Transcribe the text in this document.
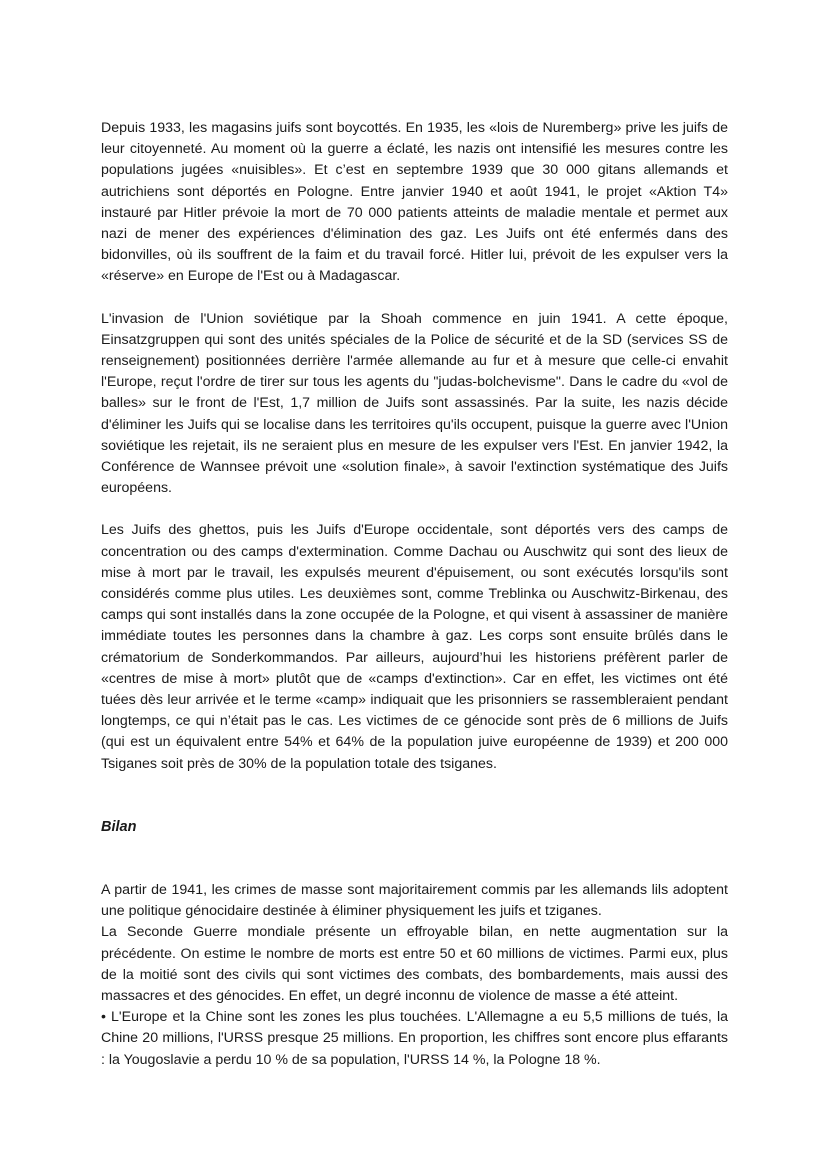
Depuis 1933, les magasins juifs sont boycottés. En 1935, les «lois de Nuremberg» prive les juifs de leur citoyenneté. Au moment où la guerre a éclaté, les nazis ont intensifié les mesures contre les populations jugées «nuisibles». Et c’est en septembre 1939 que 30 000 gitans allemands et autrichiens sont déportés en Pologne. Entre janvier 1940 et août 1941, le projet «Aktion T4» instauré par Hitler prévoie la mort de 70 000 patients atteints de maladie mentale et permet aux nazi de mener des expériences d'élimination des gaz. Les Juifs ont été enfermés dans des bidonvilles, où ils souffrent de la faim et du travail forcé. Hitler lui, prévoit de les expulser vers la «réserve» en Europe de l'Est ou à Madagascar.

L'invasion de l'Union soviétique par la Shoah commence en juin 1941. A cette époque, Einsatzgruppen qui sont des unités spéciales de la Police de sécurité et de la SD (services SS de renseignement) positionnées derrière l'armée allemande au fur et à mesure que celle-ci envahit l'Europe, reçut l'ordre de tirer sur tous les agents du "judas-bolchevisme". Dans le cadre du «vol de balles» sur le front de l'Est, 1,7 million de Juifs sont assassinés. Par la suite, les nazis décide d'éliminer les Juifs qui se localise dans les territoires qu'ils occupent, puisque la guerre avec l'Union soviétique les rejetait, ils ne seraient plus en mesure de les expulser vers l'Est. En janvier 1942, la Conférence de Wannsee prévoit une «solution finale», à savoir l'extinction systématique des Juifs européens.

Les Juifs des ghettos, puis les Juifs d'Europe occidentale, sont déportés vers des camps de concentration ou des camps d'extermination. Comme Dachau ou Auschwitz qui sont des lieux de mise à mort par le travail, les expulsés meurent d'épuisement, ou sont exécutés lorsqu'ils sont considérés comme plus utiles. Les deuxièmes sont, comme Treblinka ou Auschwitz-Birkenau, des camps qui sont installés dans la zone occupée de la Pologne, et qui visent à assassiner de manière immédiate toutes les personnes dans la chambre à gaz. Les corps sont ensuite brûlés dans le crématorium de Sonderkommandos. Par ailleurs, aujourd’hui les historiens préfèrent parler de «centres de mise à mort» plutôt que de «camps d'extinction». Car en effet, les victimes ont été tuées dès leur arrivée et le terme «camp» indiquait que les prisonniers se rassembleraient pendant longtemps, ce qui n’était pas le cas. Les victimes de ce génocide sont près de 6 millions de Juifs (qui est un équivalent entre 54% et 64% de la population juive européenne de 1939) et 200 000 Tsiganes soit près de 30% de la population totale des tsiganes.

Bilan

A partir de 1941, les crimes de masse sont majoritairement commis par les allemands lils adoptent une politique génocidaire destinée à éliminer physiquement les juifs et tziganes.

La Seconde Guerre mondiale présente un effroyable bilan, en nette augmentation sur la précédente. On estime le nombre de morts est entre 50 et 60 millions de victimes. Parmi eux, plus de la moitié sont des civils qui sont victimes des combats, des bombardements, mais aussi des massacres et des génocides. En effet, un degré inconnu de violence de masse a été atteint.

• L'Europe et la Chine sont les zones les plus touchées. L'Allemagne a eu 5,5 millions de tués, la Chine 20 millions, l'URSS presque 25 millions. En proportion, les chiffres sont encore plus effarants : la Yougoslavie a perdu 10 % de sa population, l'URSS 14 %, la Pologne 18 %.
